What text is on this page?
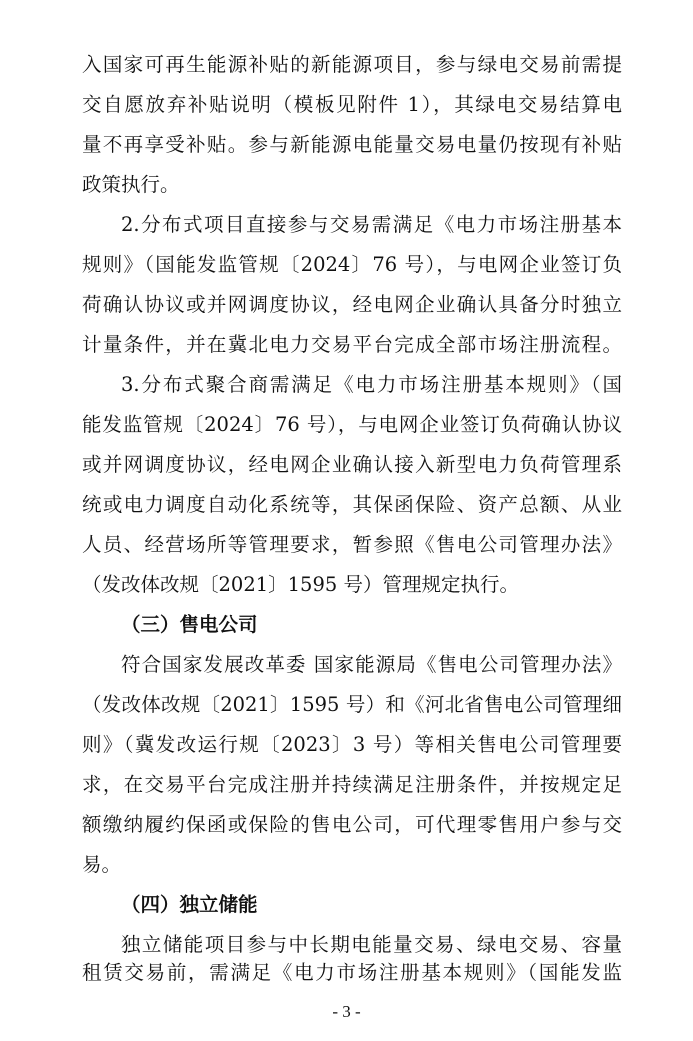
入国家可再生能源补贴的新能源项目，参与绿电交易前需提
交自愿放弃补贴说明（模板见附件 1），其绿电交易结算电
量不再享受补贴。参与新能源电能量交易电量仍按现有补贴
政策执行。
2.分布式项目直接参与交易需满足《电力市场注册基本
规则》（国能发监管规〔2024〕76 号），与电网企业签订负
荷确认协议或并网调度协议，经电网企业确认具备分时独立
计量条件，并在冀北电力交易平台完成全部市场注册流程。
3.分布式聚合商需满足《电力市场注册基本规则》（国
能发监管规〔2024〕76 号），与电网企业签订负荷确认协议
或并网调度协议，经电网企业确认接入新型电力负荷管理系
统或电力调度自动化系统等，其保函保险、资产总额、从业
人员、经营场所等管理要求，暂参照《售电公司管理办法》
（发改体改规〔2021〕1595 号）管理规定执行。
（三）售电公司
符合国家发展改革委 国家能源局《售电公司管理办法》
（发改体改规〔2021〕1595 号）和《河北省售电公司管理细
则》（冀发改运行规〔2023〕3 号）等相关售电公司管理要
求，在交易平台完成注册并持续满足注册条件，并按规定足
额缴纳履约保函或保险的售电公司，可代理零售用户参与交
易。
（四）独立储能
独立储能项目参与中长期电能量交易、绿电交易、容量
租赁交易前，需满足《电力市场注册基本规则》（国能发监
- 3 -
